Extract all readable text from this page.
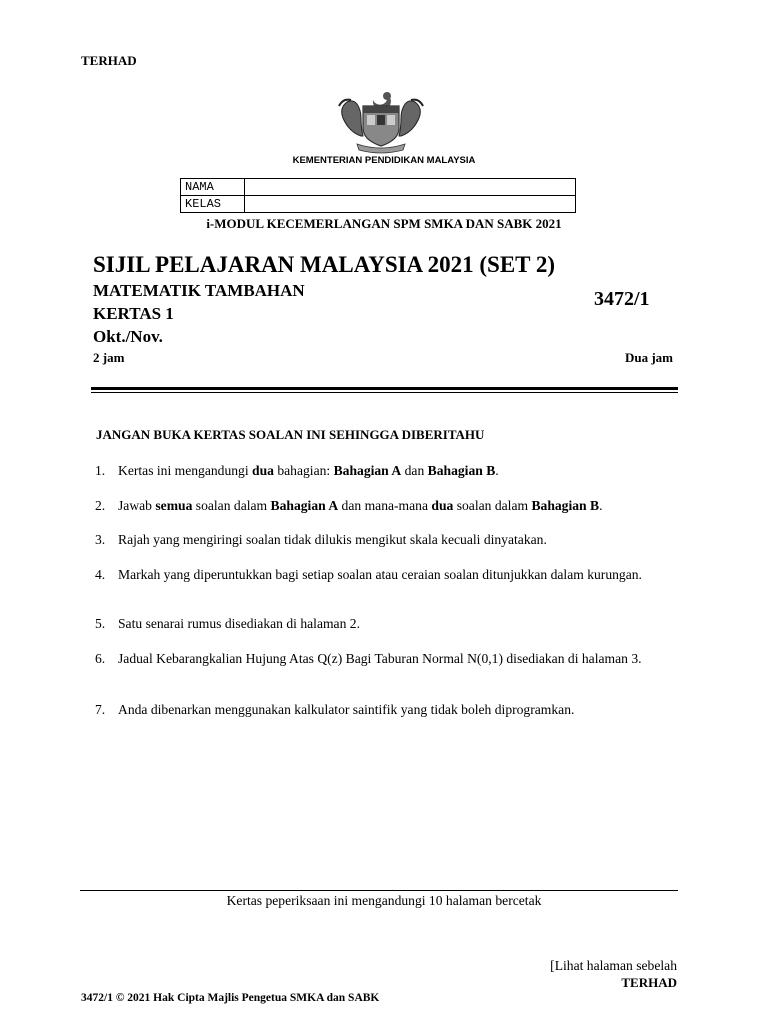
TERHAD
KEMENTERIAN PENDIDIKAN MALAYSIA
NAMA	
KELAS	
i-MODUL KECEMERLANGAN SPM SMKA DAN SABK 2021
SIJIL PELAJARAN MALAYSIA 2021 (SET 2)
MATEMATIK TAMBAHAN	3472/1
KERTAS 1
Okt./Nov.
2 jam	Dua jam
JANGAN BUKA KERTAS SOALAN INI SEHINGGA DIBERITAHU
1. Kertas ini mengandungi dua bahagian: Bahagian A dan Bahagian B.
2. Jawab semua soalan dalam Bahagian A dan mana-mana dua soalan dalam Bahagian B.
3. Rajah yang mengiringi soalan tidak dilukis mengikut skala kecuali dinyatakan.
4. Markah yang diperuntukkan bagi setiap soalan atau ceraian soalan ditunjukkan dalam kurungan.
5. Satu senarai rumus disediakan di halaman 2.
6. Jadual Kebarangkalian Hujung Atas Q(z) Bagi Taburan Normal N(0,1) disediakan di halaman 3.
7. Anda dibenarkan menggunakan kalkulator saintifik yang tidak boleh diprogramkan.
Kertas peperiksaan ini mengandungi 10 halaman bercetak
[Lihat halaman sebelah
TERHAD
3472/1 © 2021 Hak Cipta Majlis Pengetua SMKA dan SABK
